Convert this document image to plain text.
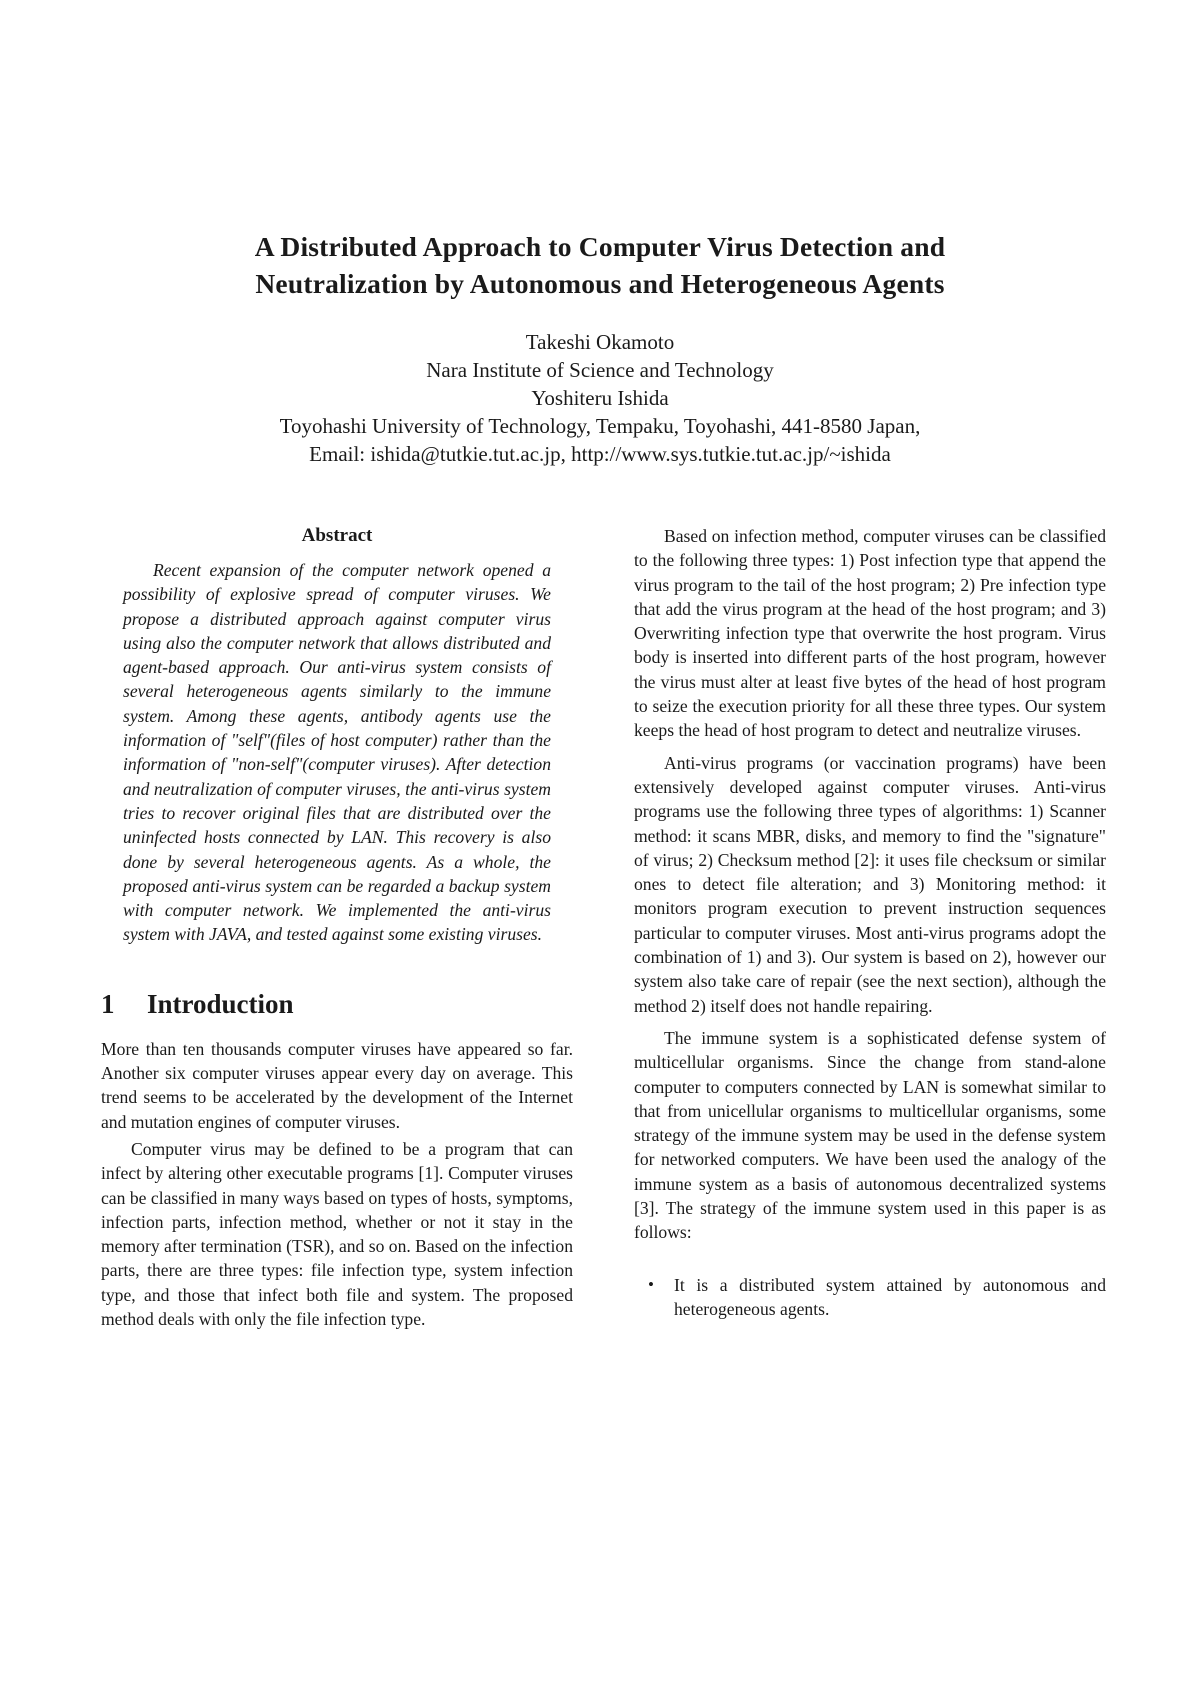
A Distributed Approach to Computer Virus Detection and
Neutralization by Autonomous and Heterogeneous Agents
Takeshi Okamoto
Nara Institute of Science and Technology
Yoshiteru Ishida
Toyohashi University of Technology, Tempaku, Toyohashi, 441-8580 Japan,
Email: ishida@tutkie.tut.ac.jp, http://www.sys.tutkie.tut.ac.jp/~ishida
Abstract

Recent expansion of the computer network opened a possibility of explosive spread of computer viruses. We propose a distributed approach against computer virus using also the computer network that allows distributed and agent-based approach. Our anti-virus system consists of several heterogeneous agents similarly to the immune system. Among these agents, antibody agents use the information of "self"(files of host computer) rather than the information of "non-self"(computer viruses). After detection and neutralization of computer viruses, the anti-virus system tries to recover original files that are distributed over the uninfected hosts connected by LAN. This recovery is also done by several heterogeneous agents. As a whole, the proposed anti-virus system can be regarded a backup system with computer network. We implemented the anti-virus system with JAVA, and tested against some existing viruses.

1 Introduction

More than ten thousands computer viruses have appeared so far. Another six computer viruses appear every day on average. This trend seems to be accelerated by the development of the Internet and mutation engines of computer viruses.

Computer virus may be defined to be a program that can infect by altering other executable programs [1]. Computer viruses can be classified in many ways based on types of hosts, symptoms, infection parts, infection method, whether or not it stay in the memory after termination (TSR), and so on. Based on the infection parts, there are three types: file infection type, system infection type, and those that infect both file and system. The proposed method deals with only the file infection type.

Based on infection method, computer viruses can be classified to the following three types: 1) Post infection type that append the virus program to the tail of the host program; 2) Pre infection type that add the virus program at the head of the host program; and 3) Overwriting infection type that overwrite the host program. Virus body is inserted into different parts of the host program, however the virus must alter at least five bytes of the head of host program to seize the execution priority for all these three types. Our system keeps the head of host program to detect and neutralize viruses.

Anti-virus programs (or vaccination programs) have been extensively developed against computer viruses. Anti-virus programs use the following three types of algorithms: 1) Scanner method: it scans MBR, disks, and memory to find the "signature" of virus; 2) Checksum method [2]: it uses file checksum or similar ones to detect file alteration; and 3) Monitoring method: it monitors program execution to prevent instruction sequences particular to computer viruses. Most anti-virus programs adopt the combination of 1) and 3). Our system is based on 2), however our system also take care of repair (see the next section), although the method 2) itself does not handle repairing.

The immune system is a sophisticated defense system of multicellular organisms. Since the change from stand-alone computer to computers connected by LAN is somewhat similar to that from unicellular organisms to multicellular organisms, some strategy of the immune system may be used in the defense system for networked computers. We have been used the analogy of the immune system as a basis of autonomous decentralized systems [3]. The strategy of the immune system used in this paper is as follows:

• It is a distributed system attained by autonomous and heterogeneous agents.
